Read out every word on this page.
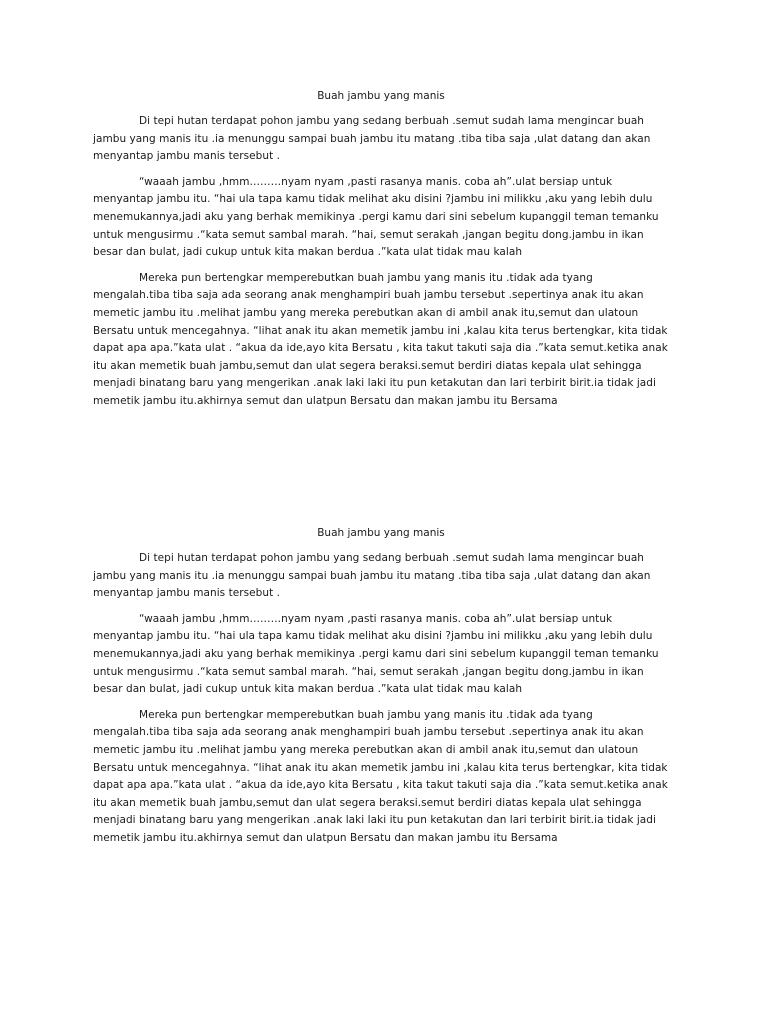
Buah jambu yang manis

Di tepi hutan terdapat pohon jambu yang sedang berbuah .semut sudah lama mengincar buah jambu yang manis itu .ia menunggu sampai buah jambu itu matang .tiba tiba saja ,ulat datang dan akan menyantap jambu manis tersebut .

“waaah jambu ,hmm………nyam nyam ,pasti rasanya manis. coba ah”.ulat bersiap untuk menyantap jambu itu. “hai ula tapa kamu tidak melihat aku disini ?jambu ini milikku ,aku yang lebih dulu menemukannya,jadi aku yang berhak memikinya .pergi kamu dari sini sebelum kupanggil teman temanku untuk mengusirmu .“kata semut sambal marah. “hai, semut serakah ,jangan begitu dong.jambu in ikan besar dan bulat, jadi cukup untuk kita makan berdua .”kata ulat tidak mau kalah

Mereka pun bertengkar memperebutkan buah jambu yang manis itu .tidak ada tyang mengalah.tiba tiba saja ada seorang anak menghampiri buah jambu tersebut .sepertinya anak itu akan memetic jambu itu .melihat jambu yang mereka perebutkan akan di ambil anak itu,semut dan ulatoun Bersatu untuk mencegahnya. “lihat anak itu akan memetik jambu ini ,kalau kita terus bertengkar, kita tidak dapat apa apa.”kata ulat . “akua da ide,ayo kita Bersatu , kita takut takuti saja dia .”kata semut.ketika anak itu akan memetik buah jambu,semut dan ulat segera beraksi.semut berdiri diatas kepala ulat sehingga menjadi binatang baru yang mengerikan .anak laki laki itu pun ketakutan dan lari terbirit birit.ia tidak jadi memetik jambu itu.akhirnya semut dan ulatpun Bersatu dan makan jambu itu Bersama

Buah jambu yang manis

Di tepi hutan terdapat pohon jambu yang sedang berbuah .semut sudah lama mengincar buah jambu yang manis itu .ia menunggu sampai buah jambu itu matang .tiba tiba saja ,ulat datang dan akan menyantap jambu manis tersebut .

“waaah jambu ,hmm………nyam nyam ,pasti rasanya manis. coba ah”.ulat bersiap untuk menyantap jambu itu. “hai ula tapa kamu tidak melihat aku disini ?jambu ini milikku ,aku yang lebih dulu menemukannya,jadi aku yang berhak memikinya .pergi kamu dari sini sebelum kupanggil teman temanku untuk mengusirmu .“kata semut sambal marah. “hai, semut serakah ,jangan begitu dong.jambu in ikan besar dan bulat, jadi cukup untuk kita makan berdua .”kata ulat tidak mau kalah

Mereka pun bertengkar memperebutkan buah jambu yang manis itu .tidak ada tyang mengalah.tiba tiba saja ada seorang anak menghampiri buah jambu tersebut .sepertinya anak itu akan memetic jambu itu .melihat jambu yang mereka perebutkan akan di ambil anak itu,semut dan ulatoun Bersatu untuk mencegahnya. “lihat anak itu akan memetik jambu ini ,kalau kita terus bertengkar, kita tidak dapat apa apa.”kata ulat . “akua da ide,ayo kita Bersatu , kita takut takuti saja dia .”kata semut.ketika anak itu akan memetik buah jambu,semut dan ulat segera beraksi.semut berdiri diatas kepala ulat sehingga menjadi binatang baru yang mengerikan .anak laki laki itu pun ketakutan dan lari terbirit birit.ia tidak jadi memetik jambu itu.akhirnya semut dan ulatpun Bersatu dan makan jambu itu Bersama
